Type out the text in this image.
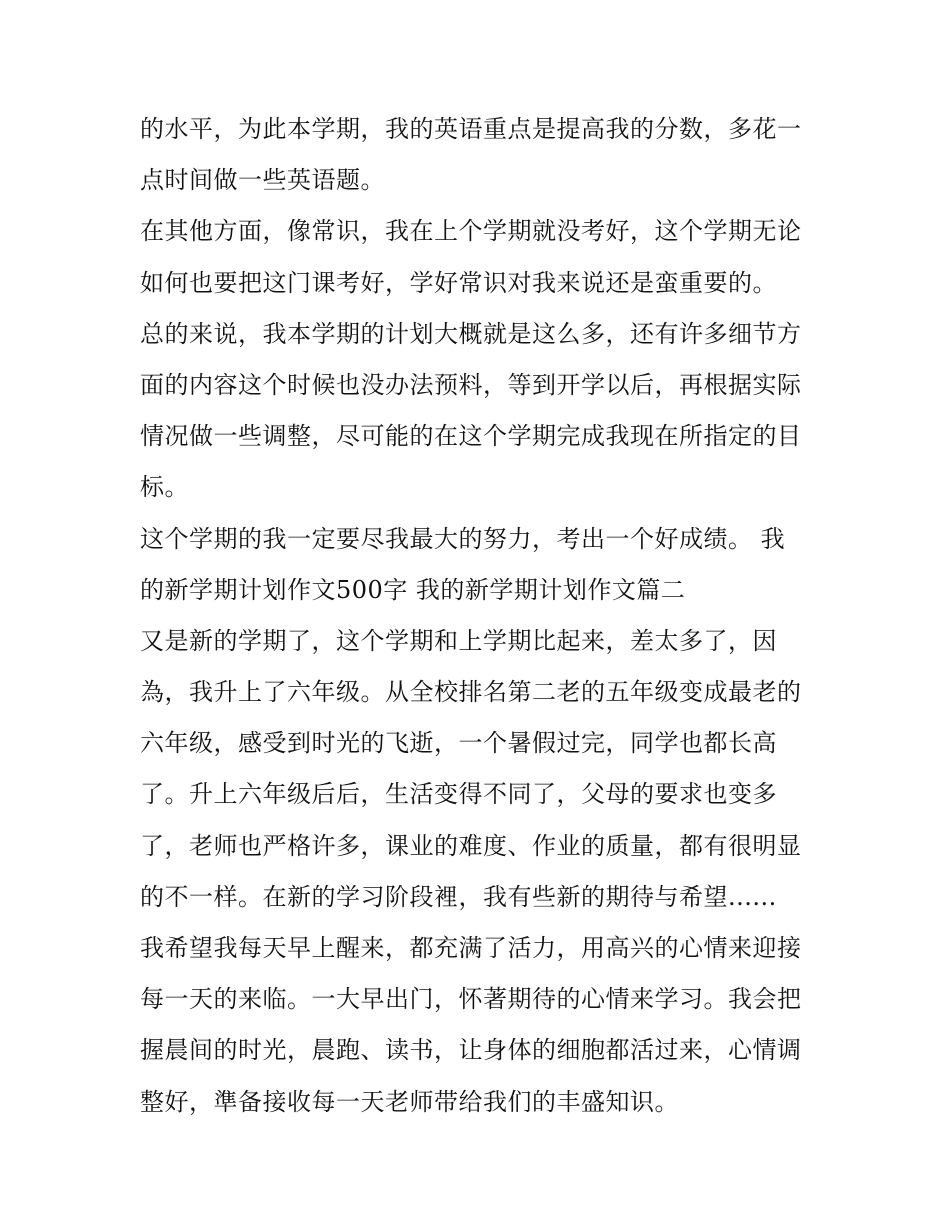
的水平，为此本学期，我的英语重点是提高我的分数，多花一
点时间做一些英语题。
在其他方面，像常识，我在上个学期就没考好，这个学期无论
如何也要把这门课考好，学好常识对我来说还是蛮重要的。
总的来说，我本学期的计划大概就是这么多，还有许多细节方
面的内容这个时候也没办法预料，等到开学以后，再根据实际
情况做一些调整，尽可能的在这个学期完成我现在所指定的目
标。
这个学期的我一定要尽我最大的努力，考出一个好成绩。 我
的新学期计划作文500字 我的新学期计划作文篇二
又是新的学期了，这个学期和上学期比起来，差太多了，因
為，我升上了六年级。从全校排名第二老的五年级变成最老的
六年级，感受到时光的飞逝，一个暑假过完，同学也都长高
了。升上六年级后后，生活变得不同了，父母的要求也变多
了，老师也严格许多，课业的难度、作业的质量，都有很明显
的不一样。在新的学习阶段裡，我有些新的期待与希望......
我希望我每天早上醒来，都充满了活力，用高兴的心情来迎接
每一天的来临。一大早出门，怀著期待的心情来学习。我会把
握晨间的时光，晨跑、读书，让身体的细胞都活过来，心情调
整好，準备接收每一天老师带给我们的丰盛知识。
